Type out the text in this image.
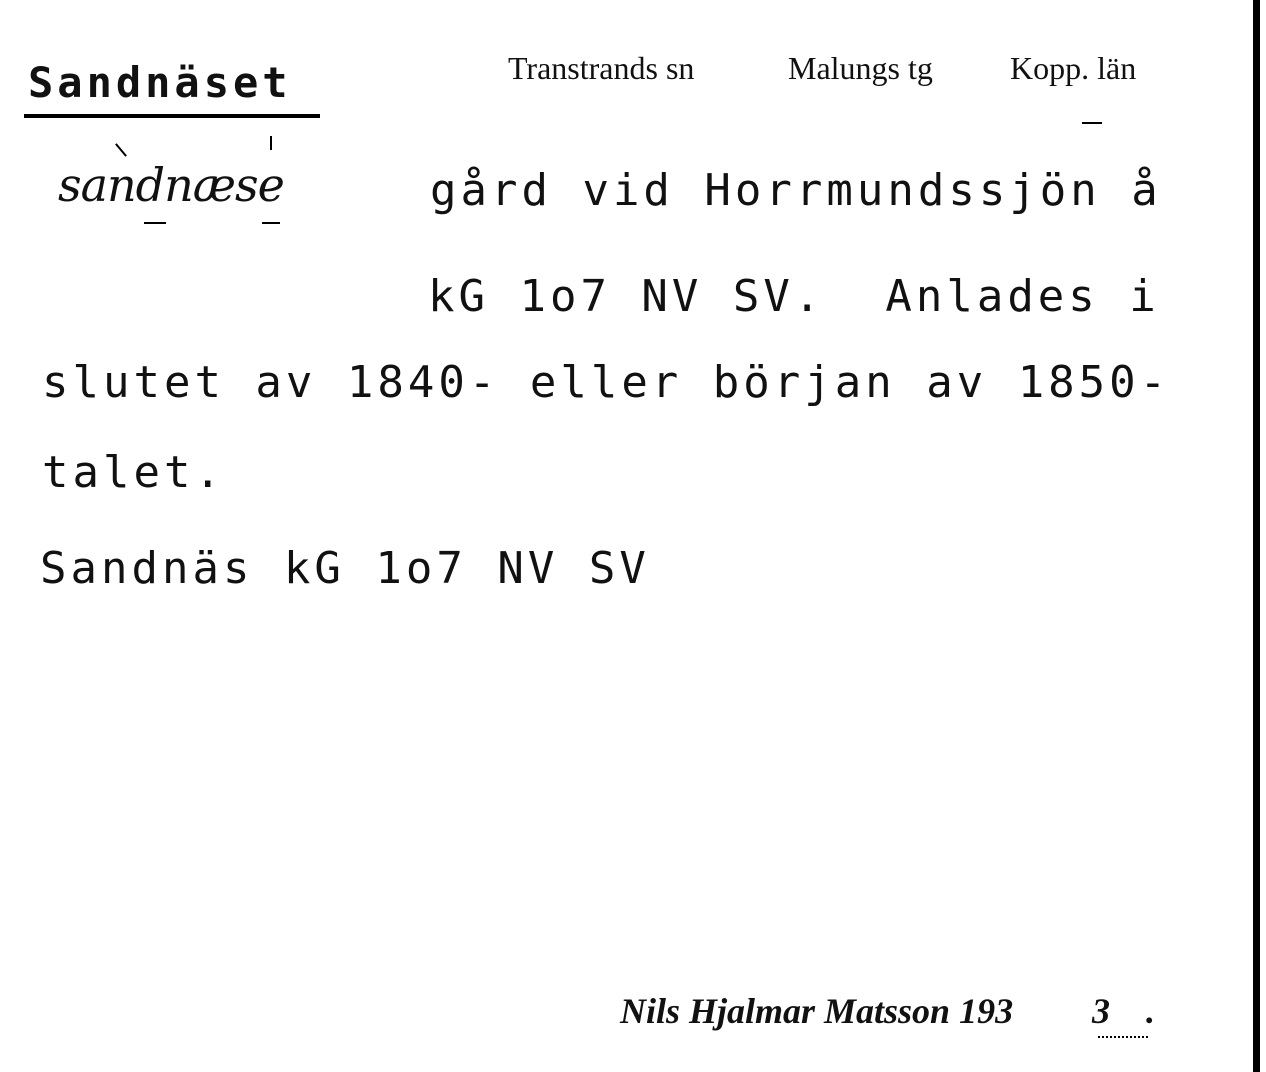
Sandnäset	Transtrands sn	Malungs tg Kopp. län
sandnæse	gård vid Horrmundssjön å
kG 1o7 NV SV.  Anlades i
slutet av 1840- eller början av 1850-
talet.
Sandnäs kG 1o7 NV SV
Nils Hjalmar Matsson 193 3 .
